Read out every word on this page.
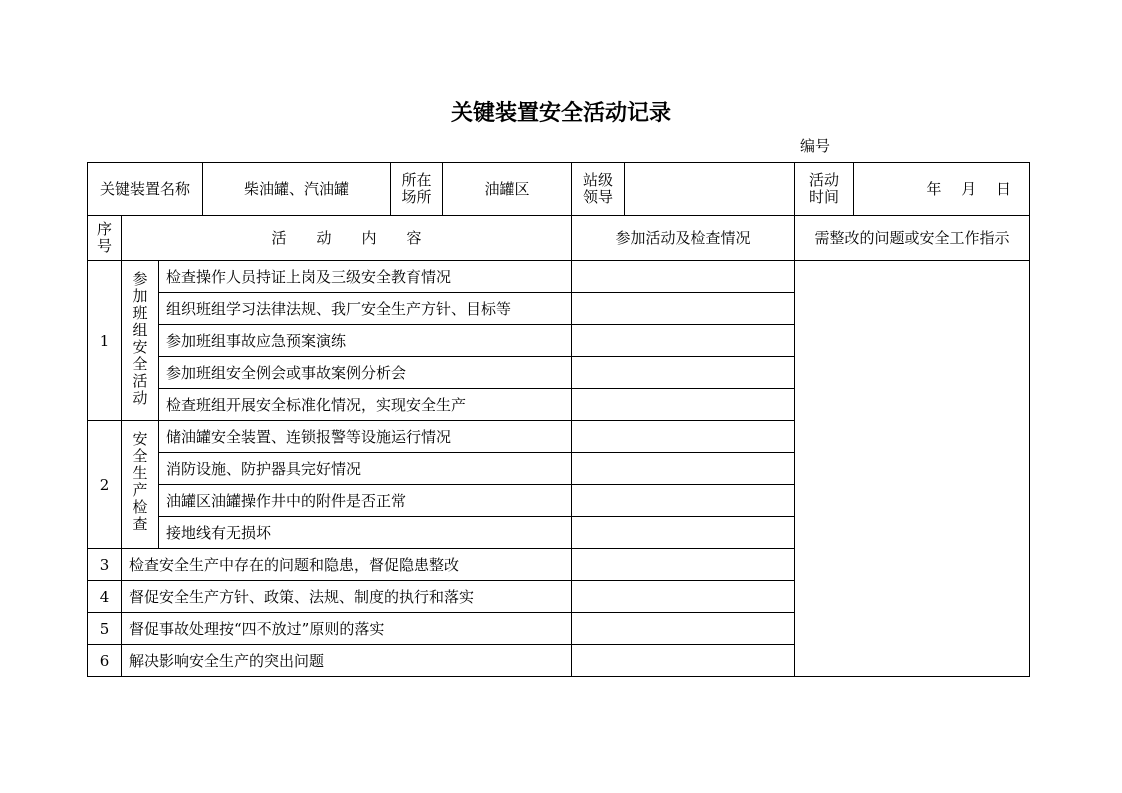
关键装置安全活动记录
编号
关键装置名称			柴油罐、汽油罐	所在场所	油罐区	站级领导		活动时间	年　 月　 日
序号	活　　动　　内　　容					参加活动及检查情况		需整改的问题或安全工作指示	
1	参加班组安全活动	检查操作人员持证上岗及三级安全教育情况							
		组织班组学习法律法规、我厂安全生产方针、目标等							
		参加班组事故应急预案演练							
		参加班组安全例会或事故案例分析会							
		检查班组开展安全标准化情况，实现安全生产							
2	安全生产检查	储油罐安全装置、连锁报警等设施运行情况							
		消防设施、防护器具完好情况							
		油罐区油罐操作井中的附件是否正常							
		接地线有无损坏							
3	检查安全生产中存在的问题和隐患，督促隐患整改								
4	督促安全生产方针、政策、法规、制度的执行和落实								
5	督促事故处理按“四不放过”原则的落实								
6	解决影响安全生产的突出问题								
